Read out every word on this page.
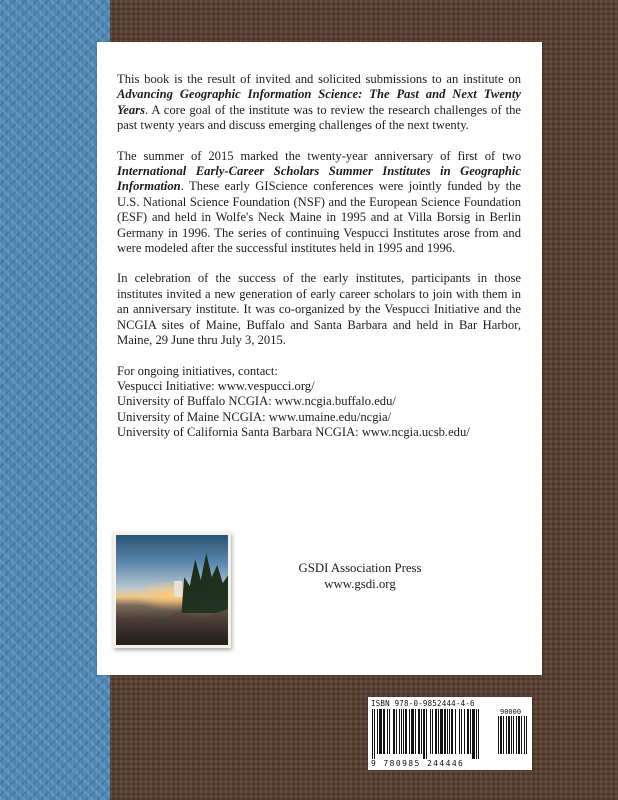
This book is the result of invited and solicited submissions to an institute on Advancing Geographic Information Science: The Past and Next Twenty Years. A core goal of the institute was to review the research challenges of the past twenty years and discuss emerging challenges of the next twenty.

The summer of 2015 marked the twenty-year anniversary of first of two International Early-Career Scholars Summer Institutes in Geographic Information. These early GIScience conferences were jointly funded by the U.S. National Science Foundation (NSF) and the European Science Foundation (ESF) and held in Wolfe's Neck Maine in 1995 and at Villa Borsig in Berlin Germany in 1996. The series of continuing Vespucci Institutes arose from and were modeled after the successful institutes held in 1995 and 1996.

In celebration of the success of the early institutes, participants in those institutes invited a new generation of early career scholars to join with them in an anniversary institute. It was co-organized by the Vespucci Initiative and the NCGIA sites of Maine, Buffalo and Santa Barbara and held in Bar Harbor, Maine, 29 June thru July 3, 2015.

For ongoing initiatives, contact:
Vespucci Initiative: www.vespucci.org/
University of Buffalo NCGIA: www.ncgia.buffalo.edu/
University of Maine NCGIA: www.umaine.edu/ncgia/
University of California Santa Barbara NCGIA: www.ncgia.ucsb.edu/
GSDI Association Press
www.gsdi.org
ISBN 978-0-9852444-4-6
90000
9 780985 244446
